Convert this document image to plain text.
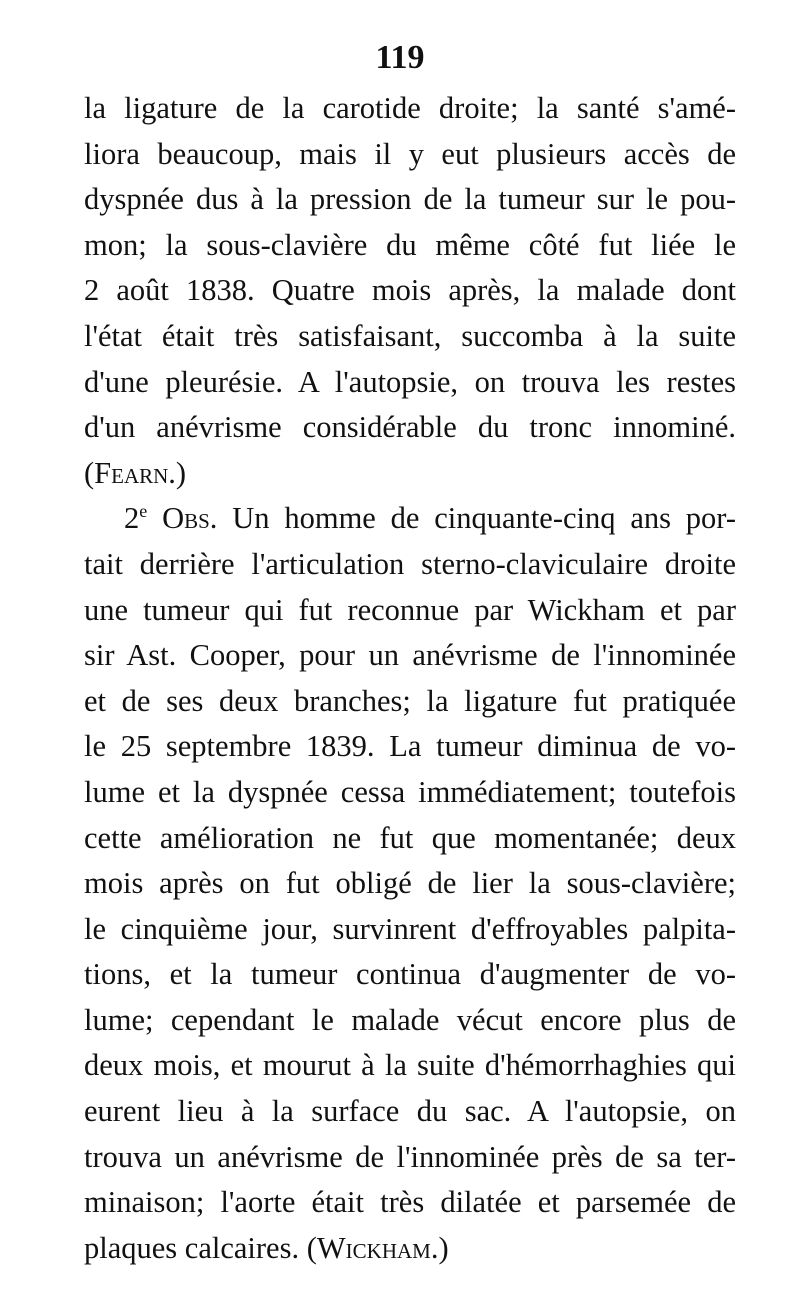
119
la ligature de la carotide droite; la santé s'amé-
liora beaucoup, mais il y eut plusieurs accès de
dyspnée dus à la pression de la tumeur sur le pou-
mon; la sous-clavière du même côté fut liée le
2 août 1838. Quatre mois après, la malade dont
l'état était très satisfaisant, succomba à la suite
d'une pleurésie. A l'autopsie, on trouva les restes
d'un anévrisme considérable du tronc innominé.
(Fearn.)
2e Obs. Un homme de cinquante-cinq ans por-
tait derrière l'articulation sterno-claviculaire droite
une tumeur qui fut reconnue par Wickham et par
sir Ast. Cooper, pour un anévrisme de l'innominée
et de ses deux branches; la ligature fut pratiquée
le 25 septembre 1839. La tumeur diminua de vo-
lume et la dyspnée cessa immédiatement; toutefois
cette amélioration ne fut que momentanée; deux
mois après on fut obligé de lier la sous-clavière;
le cinquième jour, survinrent d'effroyables palpita-
tions, et la tumeur continua d'augmenter de vo-
lume; cependant le malade vécut encore plus de
deux mois, et mourut à la suite d'hémorrhaghies qui
eurent lieu à la surface du sac. A l'autopsie, on
trouva un anévrisme de l'innominée près de sa ter-
minaison; l'aorte était très dilatée et parsemée de
plaques calcaires. (Wickham.)
